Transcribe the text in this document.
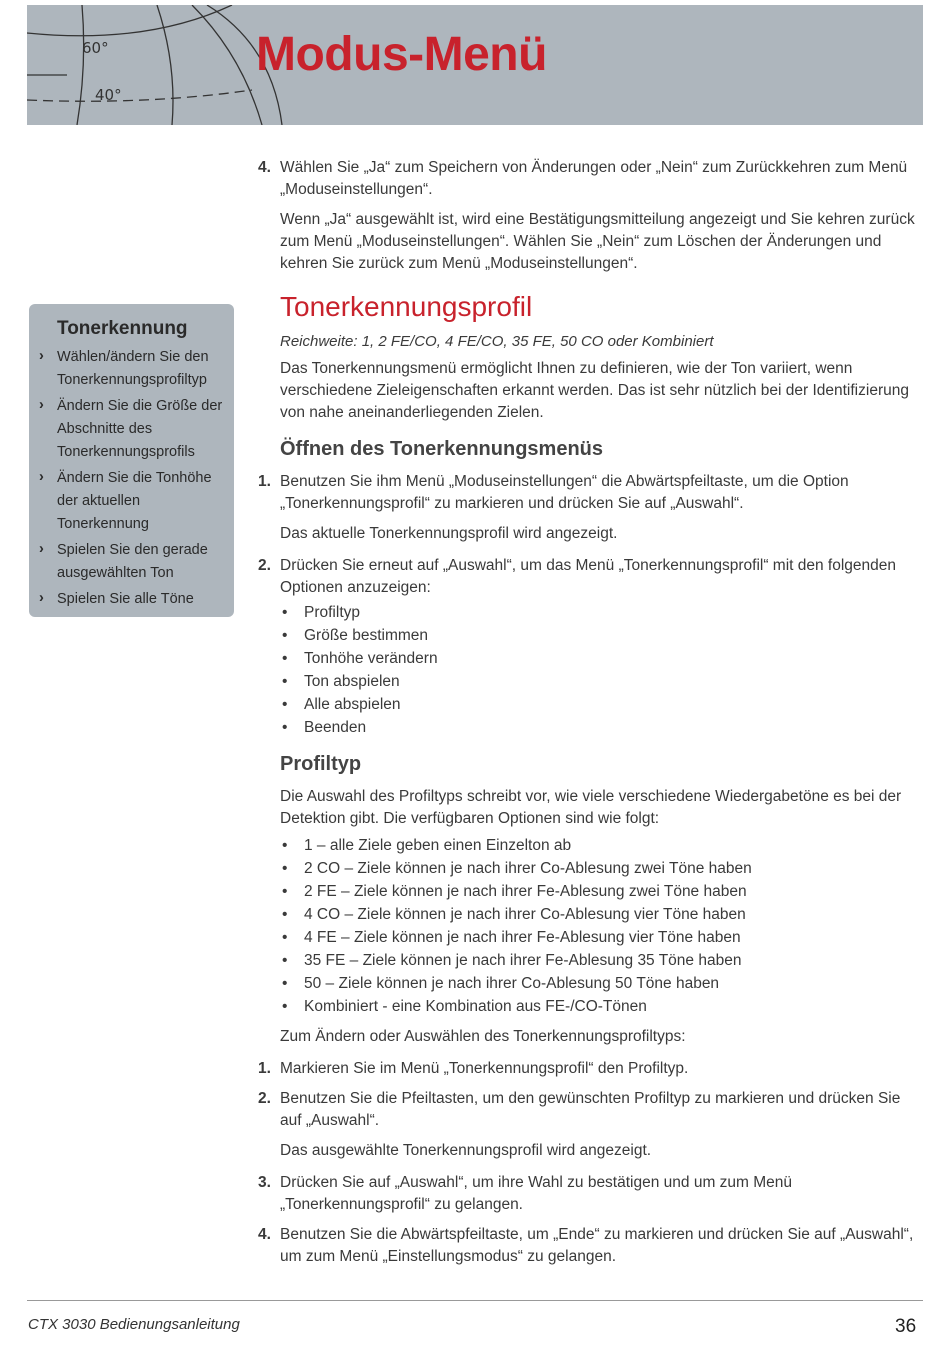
60°
40°
Modus-Menü
Tonerkennung
› Wählen/ändern Sie den Tonerkennungsprofiltyp
› Ändern Sie die Größe der Abschnitte des Tonerkennungsprofils
› Ändern Sie die Tonhöhe der aktuellen Tonerkennung
› Spielen Sie den gerade ausgewählten Ton
› Spielen Sie alle Töne
4. Wählen Sie „Ja“ zum Speichern von Änderungen oder „Nein“ zum Zurückkehren zum Menü „Moduseinstellungen“.

Wenn „Ja“ ausgewählt ist, wird eine Bestätigungsmitteilung angezeigt und Sie kehren zurück zum Menü „Moduseinstellungen“. Wählen Sie „Nein“ zum Löschen der Änderungen und kehren Sie zurück zum Menü „Moduseinstellungen“.

Tonerkennungsprofil

Reichweite: 1, 2 FE/CO, 4 FE/CO, 35 FE, 50 CO oder Kombiniert

Das Tonerkennungsmenü ermöglicht Ihnen zu definieren, wie der Ton variiert, wenn verschiedene Zieleigenschaften erkannt werden. Das ist sehr nützlich bei der Identifizierung von nahe aneinanderliegenden Zielen.

Öffnen des Tonerkennungsmenüs
1. Benutzen Sie ihm Menü „Moduseinstellungen“ die Abwärtspfeiltaste, um die Option „Tonerkennungsprofil“ zu markieren und drücken Sie auf „Auswahl“.

Das aktuelle Tonerkennungsprofil wird angezeigt.

2. Drücken Sie erneut auf „Auswahl“, um das Menü „Tonerkennungsprofil“ mit den folgenden Optionen anzuzeigen:
• Profiltyp
• Größe bestimmen
• Tonhöhe verändern
• Ton abspielen
• Alle abspielen
• Beenden
Profiltyp

Die Auswahl des Profiltyps schreibt vor, wie viele verschiedene Wiedergabetöne es bei der Detektion gibt. Die verfügbaren Optionen sind wie folgt:

• 1 – alle Ziele geben einen Einzelton ab
• 2 CO – Ziele können je nach ihrer Co-Ablesung zwei Töne haben
• 2 FE – Ziele können je nach ihrer Fe-Ablesung zwei Töne haben
• 4 CO – Ziele können je nach ihrer Co-Ablesung vier Töne haben
• 4 FE – Ziele können je nach ihrer Fe-Ablesung vier Töne haben
• 35 FE – Ziele können je nach ihrer Fe-Ablesung 35 Töne haben
• 50 – Ziele können je nach ihrer Co-Ablesung 50 Töne haben
• Kombiniert - eine Kombination aus FE-/CO-Tönen

Zum Ändern oder Auswählen des Tonerkennungsprofiltyps:

1. Markieren Sie im Menü „Tonerkennungsprofil“ den Profiltyp.
2. Benutzen Sie die Pfeiltasten, um den gewünschten Profiltyp zu markieren und drücken Sie auf „Auswahl“.

Das ausgewählte Tonerkennungsprofil wird angezeigt.

3. Drücken Sie auf „Auswahl“, um ihre Wahl zu bestätigen und um zum Menü „Tonerkennungsprofil“ zu gelangen.
4. Benutzen Sie die Abwärtspfeiltaste, um „Ende“ zu markieren und drücken Sie auf „Auswahl“, um zum Menü „Einstellungsmodus“ zu gelangen.
CTX 3030 Bedienungsanleitung	36
